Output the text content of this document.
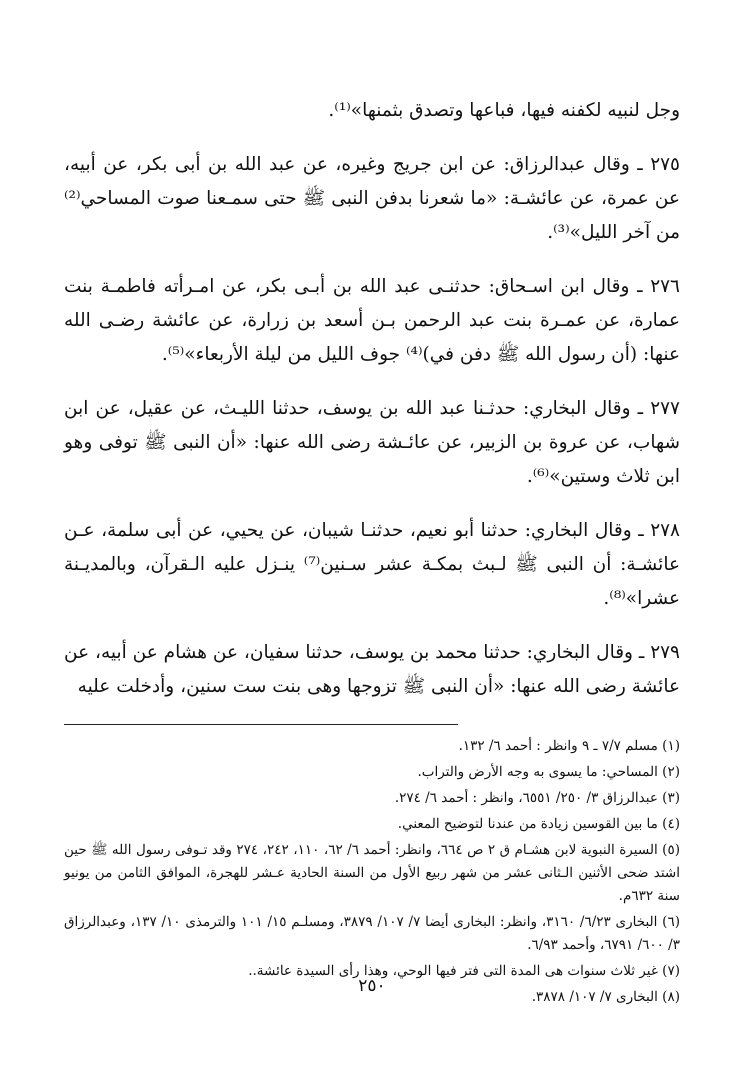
وجل لنبيه لكفنه فيها، فباعها وتصدق بثمنها»⁽¹⁾.

٢٧٥ ـ وقال عبدالرزاق: عن ابن جريج وغيره، عن عبد الله بن أبى بكر، عن أبيه، عن عمرة، عن عائشـة: «ما شعرنا بدفن النبى ﷺ حتى سمـعنا صوت المساحي⁽²⁾ من آخر الليل»⁽³⁾.

٢٧٦ ـ وقال ابن اسـحاق: حدثنـى عبد الله بن أبـى بكر، عن امـرأته فاطمـة بنت عمارة، عن عمـرة بنت عبد الرحمن بـن أسعد بن زرارة، عن عائشة رضـى الله عنها: (أن رسول الله ﷺ دفن في)⁽⁴⁾ جوف الليل من ليلة الأربعاء»⁽⁵⁾.

٢٧٧ ـ وقال البخاري: حدثـنا عبد الله بن يوسف، حدثنا الليـث، عن عقيل، عن ابن شهاب، عن عروة بن الزبير، عن عائـشة رضى الله عنها: «أن النبى ﷺ توفى وهو ابن ثلاث وستين»⁽⁶⁾.

٢٧٨ ـ وقال البخاري: حدثنا أبو نعيم، حدثنـا شيبان، عن يحيي، عن أبى سلمة، عـن عائشـة: أن النبى ﷺ لـبث بمكـة عشر سـنين⁽⁷⁾ ينـزل عليه الـقرآن، وبالمديـنة عشرا»⁽⁸⁾.

٢٧٩ ـ وقال البخاري: حدثنا محمد بن يوسف، حدثنا سفيان، عن هشام عن أبيه، عن عائشة رضى الله عنها: «أن النبى ﷺ تزوجها وهى بنت ست سنين، وأدخلت عليه

(١) مسلم ٧/٧ ـ ٩ وانظر : أحمد ٦/ ١٣٢.

(٢) المساحي: ما يسوى به وجه الأرض والتراب.

(٣) عبدالرزاق ٣/ ٢٥٠/ ٦٥٥١، وانظر : أحمد ٦/ ٢٧٤.

(٤) ما بين القوسين زيادة من عندنا لتوضيح المعني.

(٥) السيرة النبوية لابن هشـام ق ٢ ص ٦٦٤، وانظر: أحمد ٦/ ٦٢، ١١٠، ٢٤٢، ٢٧٤ وقد تـوفى رسول الله ﷺ حين اشتد ضحى الأثنين الـثانى عشر من شهر ربيع الأول من السنة الحادية عـشر للهجرة، الموافق الثامن من يونيو سنة ٦٣٢م.

(٦) البخارى ٦/٢٣/ ٣١٦٠، وانظر: البخارى أيضا ٧/ ١٠٧/ ٣٨٧٩، ومسلـم ١٥/ ١٠١ والترمذى ١٠/ ١٣٧، وعبدالرزاق ٣/ ٦٠٠/ ٦٧٩١، وأحمد ٦/٩٣.

(٧) غير ثلاث سنوات هى المدة التى فتر فيها الوحي، وهذا رأى السيدة عائشة..

(٨) البخارى ٧/ ١٠٧/ ٣٨٧٨.

٢٥٠
